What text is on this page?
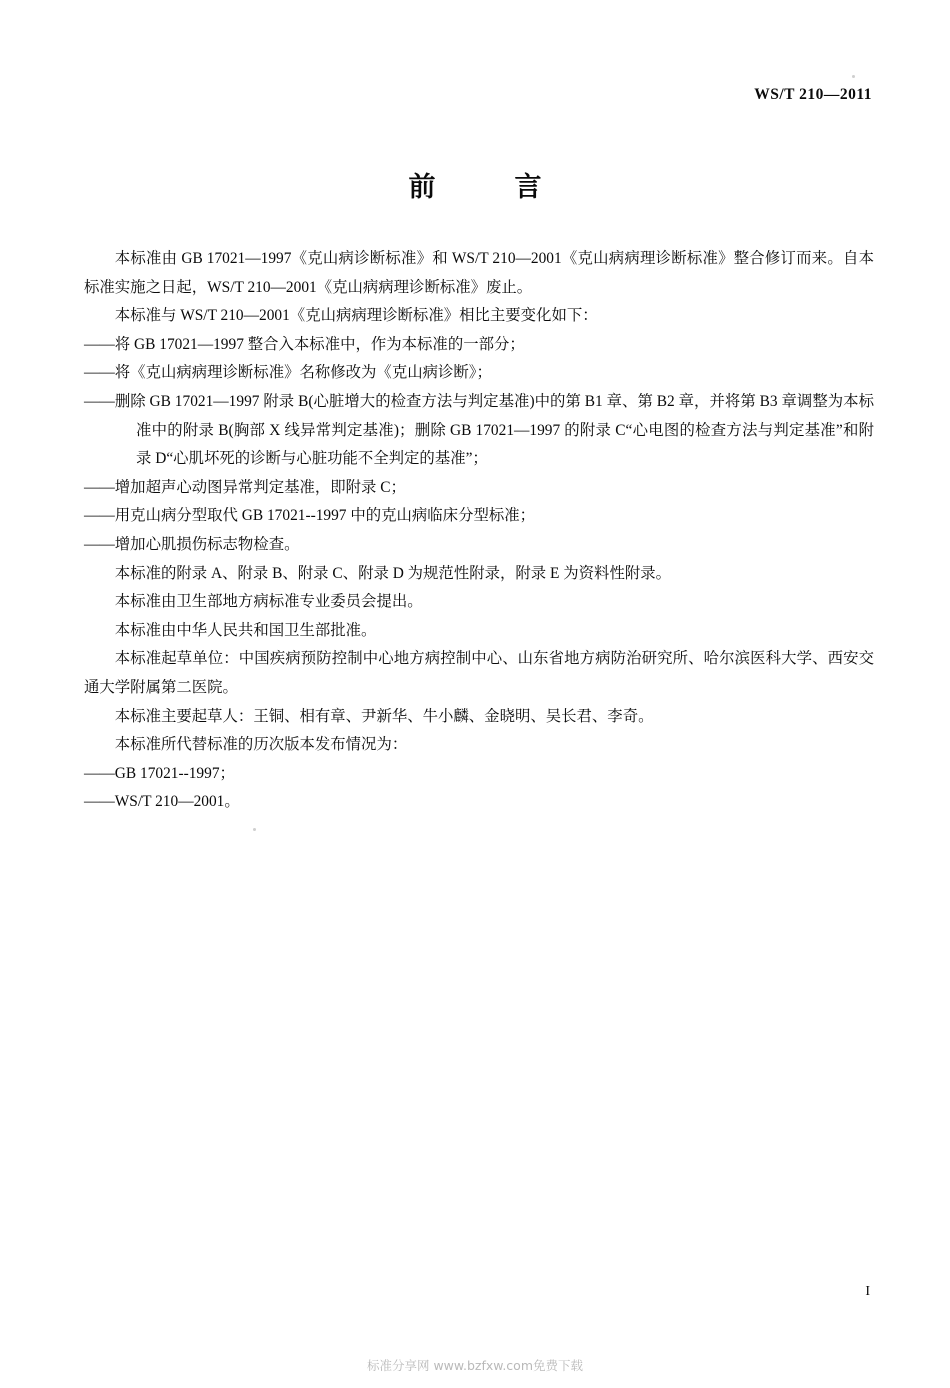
WS/T 210—2011
前　言

本标准由 GB 17021—1997《克山病诊断标准》和 WS/T 210—2001《克山病病理诊断标准》整合修订而来。自本标准实施之日起，WS/T 210—2001《克山病病理诊断标准》废止。

本标准与 WS/T 210—2001《克山病病理诊断标准》相比主要变化如下：

——将 GB 17021—1997 整合入本标准中，作为本标准的一部分；

——将《克山病病理诊断标准》名称修改为《克山病诊断》；

——删除 GB 17021—1997 附录 B(心脏增大的检查方法与判定基准)中的第 B1 章、第 B2 章，并将第 B3 章调整为本标准中的附录 B(胸部 X 线异常判定基准)；删除 GB 17021—1997 的附录 C“心电图的检查方法与判定基准”和附录 D“心肌坏死的诊断与心脏功能不全判定的基准”；

——增加超声心动图异常判定基准，即附录 C；

——用克山病分型取代 GB 17021--1997 中的克山病临床分型标准；

——增加心肌损伤标志物检查。

本标准的附录 A、附录 B、附录 C、附录 D 为规范性附录，附录 E 为资料性附录。

本标准由卫生部地方病标准专业委员会提出。

本标准由中华人民共和国卫生部批准。

本标准起草单位：中国疾病预防控制中心地方病控制中心、山东省地方病防治研究所、哈尔滨医科大学、西安交通大学附属第二医院。

本标准主要起草人：王铜、相有章、尹新华、牛小麟、金晓明、吴长君、李奇。

本标准所代替标准的历次版本发布情况为：

——GB 17021--1997；

——WS/T 210—2001。

I
标准分享网 www.bzfxw.com免费下载
